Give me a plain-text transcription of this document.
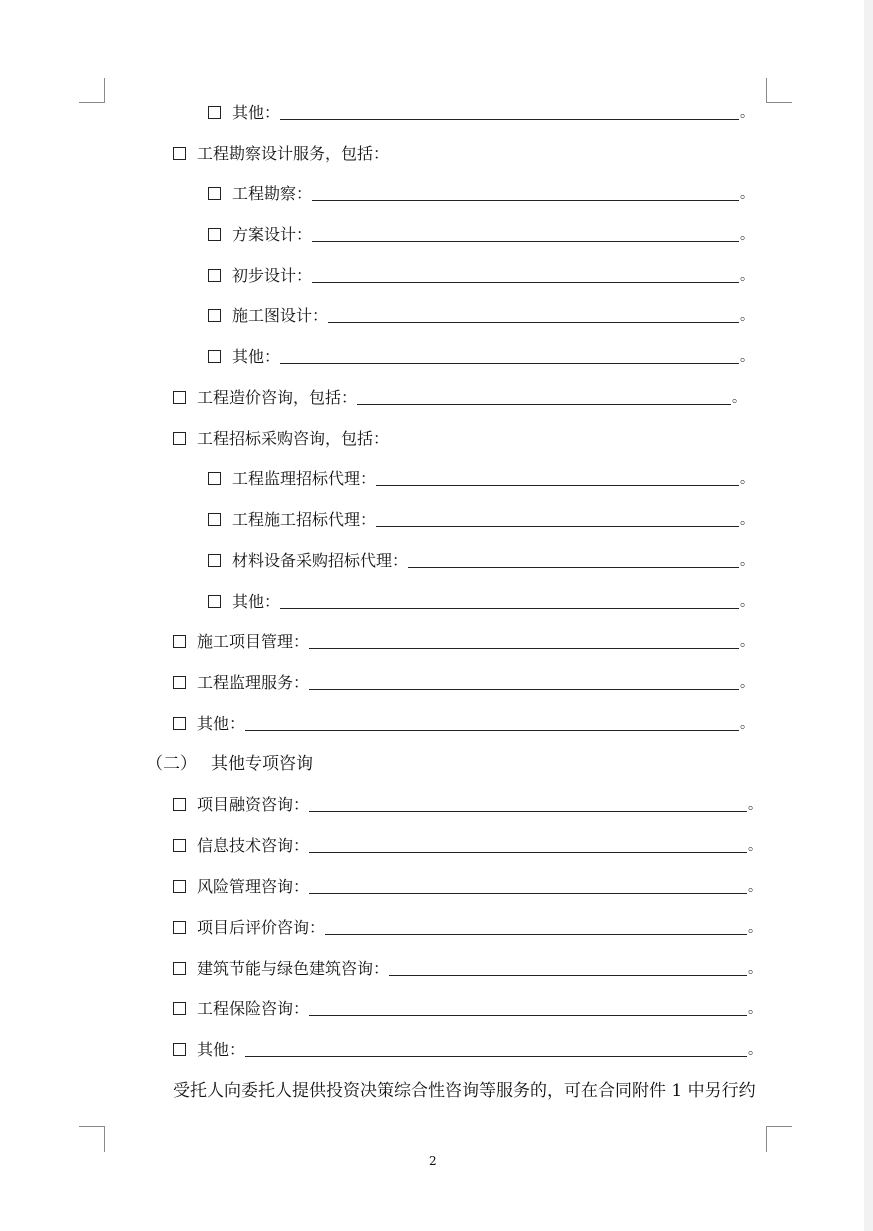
其他：	。
工程勘察设计服务，包括：
工程勘察：	。
方案设计：	。
初步设计：	。
施工图设计：	。
其他：	。
工程造价咨询，包括：	。
工程招标采购咨询，包括：
工程监理招标代理：	。
工程施工招标代理：	。
材料设备采购招标代理：	。
其他：	。
施工项目管理：	。
工程监理服务：	。
其他：	。
（二） 其他专项咨询
项目融资咨询：	。
信息技术咨询：	。
风险管理咨询：	。
项目后评价咨询：	。
建筑节能与绿色建筑咨询：	。
工程保险咨询：	。
其他：	。
受托人向委托人提供投资决策综合性咨询等服务的，可在合同附件 1 中另行约
2
